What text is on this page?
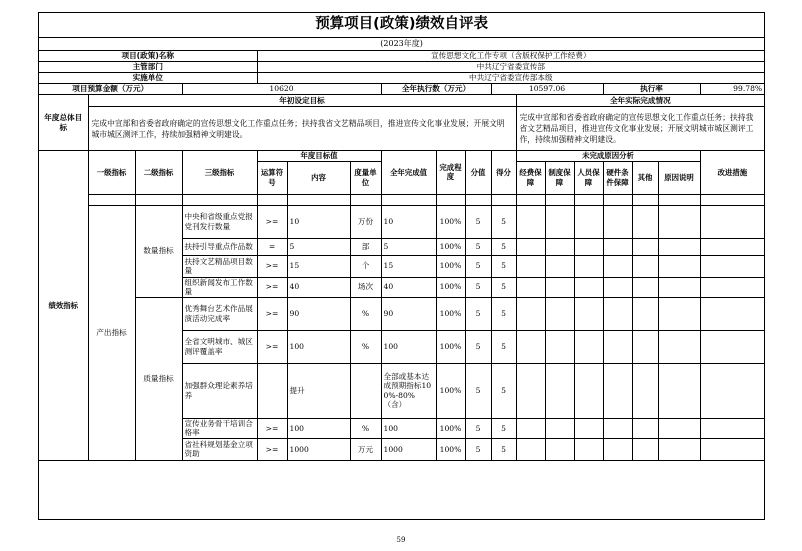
预算项目(政策)绩效自评表																	
(2023年度)																	
项目(政策)名称				宣传思想文化工作专项（含版权保护工作经费）													
主管部门				中共辽宁省委宣传部													
实施单位				中共辽宁省委宣传部本级													
项目预算金额（万元）			10620				全年执行数（万元）			10597.06				执行率			99.78%
年度总体目标	年初设定目标										全年实际完成情况						
	完成中宣部和省委省政府确定的宣传思想文化工作重点任务；扶持我省文艺精品项目，推进宣传文化事业发展；开展文明城市城区测评工作，持续加强精神文明建设。										完成中宣部和省委省政府确定的宣传思想文化工作重点任务；扶持我省文艺精品项目，推进宣传文化事业发展；开展文明城市城区测评工作，持续加强精神文明建设。						
绩效指标	一级指标	二级指标	三级指标	年度目标值			全年完成值	完成程度	分值	得分	未完成原因分析						改进措施
				运算符号	内容	度量单位					经费保障	制度保障	人员保障	硬件条件保障	其他	原因说明	

	产出指标	数量指标	中央和省级重点党报党刊发行数量	>=	10	万份	10	100%	5	5							
			扶持引导重点作品数	=	5	部	5	100%	5	5							
			扶持文艺精品项目数量	>=	15	个	15	100%	5	5							
			组织新闻发布工作数量	>=	40	场次	40	100%	5	5							
		质量指标	优秀舞台艺术作品展演活动完成率	>=	90	%	90	100%	5	5							
			全省文明城市、城区测评覆盖率	>=	100	%	100	100%	5	5							
			加强群众理论素养培养		提升		全部或基本达成预期指标100%-80%（含）	100%	5	5							
			宣传业务骨干培训合格率	>=	100	%	100	100%	5	5							
			省社科规划基金立项资助	>=	1000	万元	1000	100%	5	5							
59
